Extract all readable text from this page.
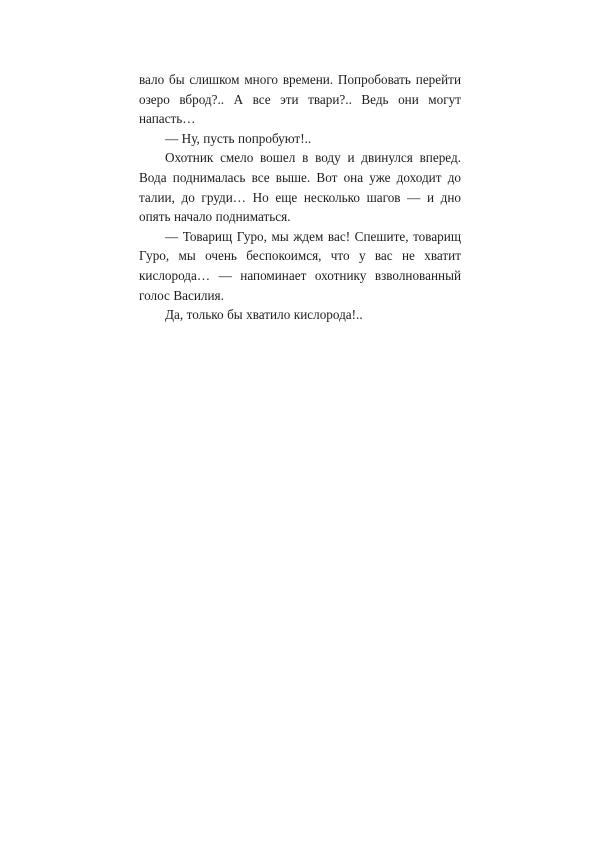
вало бы слишком много времени. Попробовать перейти озеро вброд?.. А все эти твари?.. Ведь они могут напасть…

— Ну, пусть попробуют!..

Охотник смело вошел в воду и двинулся вперед. Вода поднималась все выше. Вот она уже доходит до талии, до груди… Но еще несколько шагов — и дно опять начало подниматься.

— Товарищ Гуро, мы ждем вас! Спешите, товарищ Гуро, мы очень беспокоимся, что у вас не хватит кислорода… — напоминает охотнику взволнованный голос Василия.

Да, только бы хватило кислорода!..
